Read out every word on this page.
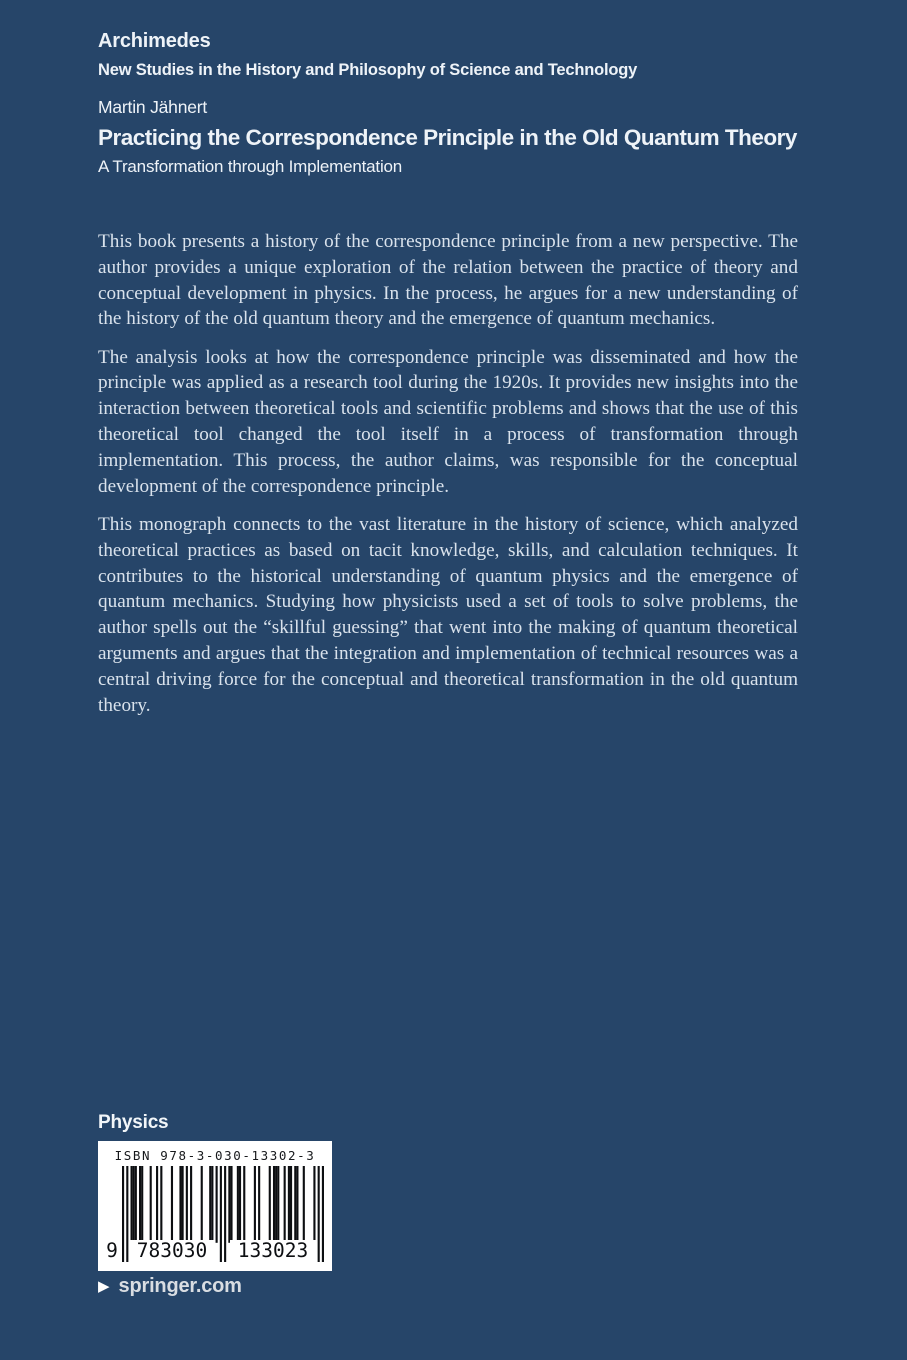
Archimedes
New Studies in the History and Philosophy of Science and Technology
Martin Jähnert
Practicing the Correspondence Principle in the Old Quantum Theory
A Transformation through Implementation

This book presents a history of the correspondence principle from a new perspective. The author provides a unique exploration of the relation between the practice of theory and conceptual development in physics. In the process, he argues for a new understanding of the history of the old quantum theory and the emergence of quantum mechanics.

The analysis looks at how the correspondence principle was disseminated and how the principle was applied as a research tool during the 1920s. It provides new insights into the interaction between theoretical tools and scientific problems and shows that the use of this theoretical tool changed the tool itself in a process of transformation through implementation. This process, the author claims, was responsible for the conceptual development of the correspondence principle.

This monograph connects to the vast literature in the history of science, which analyzed theoretical practices as based on tacit knowledge, skills, and calculation techniques. It contributes to the historical understanding of quantum physics and the emergence of quantum mechanics. Studying how physicists used a set of tools to solve problems, the author spells out the “skillful guessing” that went into the making of quantum theoretical arguments and argues that the integration and implementation of technical resources was a central driving force for the conceptual and theoretical transformation in the old quantum theory.

Physics
ISBN 978-3-030-13302-3
9 783030	133023
▶ springer.com
